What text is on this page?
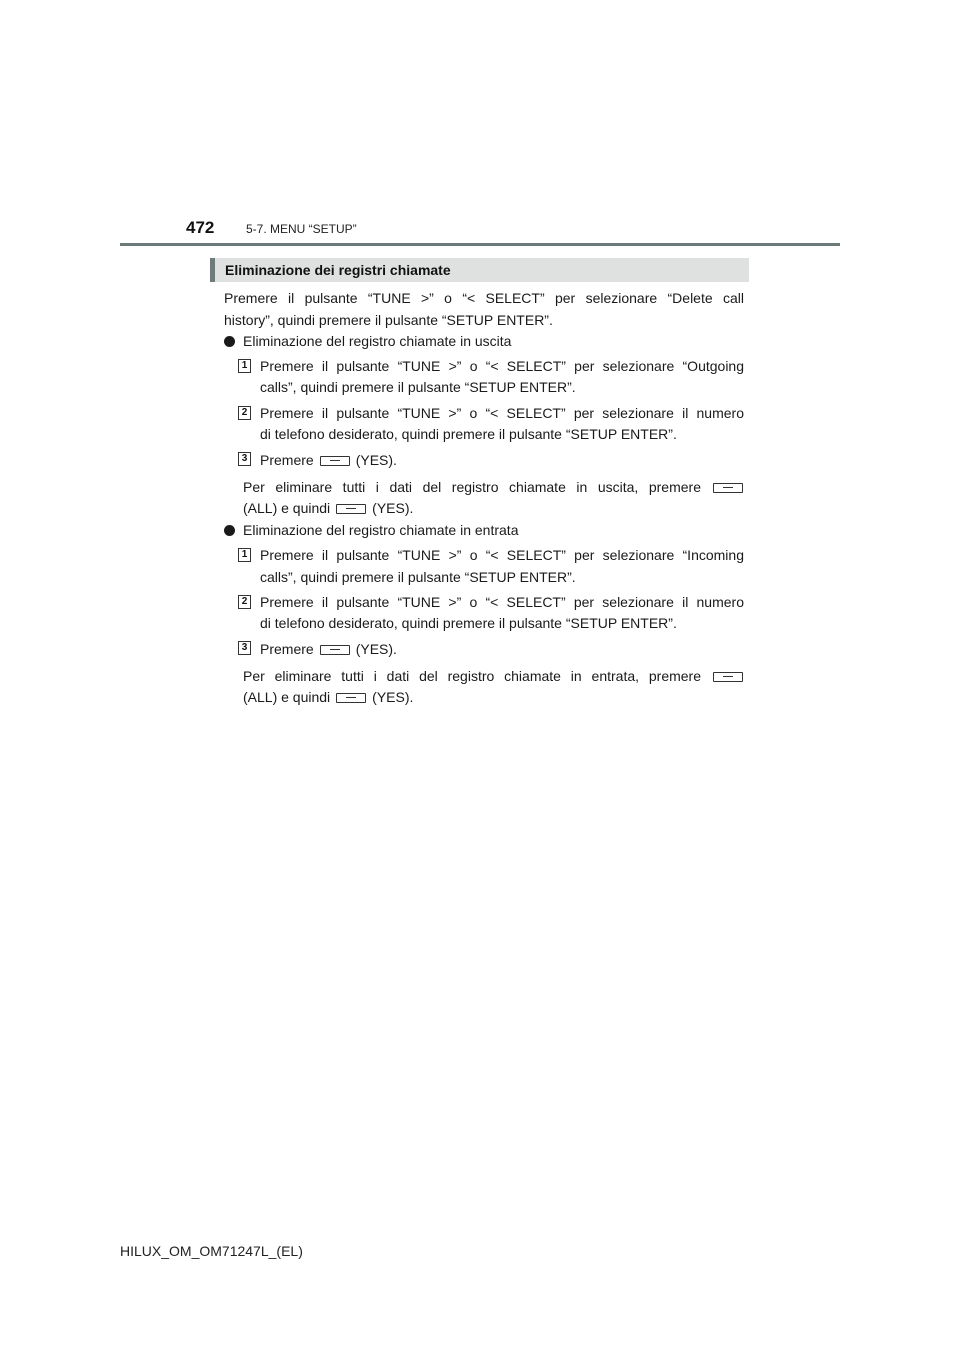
472	5-7. MENU “SETUP”
Eliminazione dei registri chiamate
Premere il pulsante “TUNE >” o “< SELECT” per selezionare “Delete call
history”, quindi premere il pulsante “SETUP ENTER”.
Eliminazione del registro chiamate in uscita
1 Premere il pulsante “TUNE >” o “< SELECT” per selezionare “Outgoing
calls”, quindi premere il pulsante “SETUP ENTER”.
2 Premere il pulsante “TUNE >” o “< SELECT” per selezionare il numero
di telefono desiderato, quindi premere il pulsante “SETUP ENTER”.
3 Premere	(YES).
Per eliminare tutti i dati del registro chiamate in uscita, premere
(ALL) e quindi	(YES).
Eliminazione del registro chiamate in entrata
1 Premere il pulsante “TUNE >” o “< SELECT” per selezionare “Incoming
calls”, quindi premere il pulsante “SETUP ENTER”.
2 Premere il pulsante “TUNE >” o “< SELECT” per selezionare il numero
di telefono desiderato, quindi premere il pulsante “SETUP ENTER”.
3 Premere	(YES).
Per eliminare tutti i dati del registro chiamate in entrata, premere
(ALL) e quindi	(YES).
HILUX_OM_OM71247L_(EL)
